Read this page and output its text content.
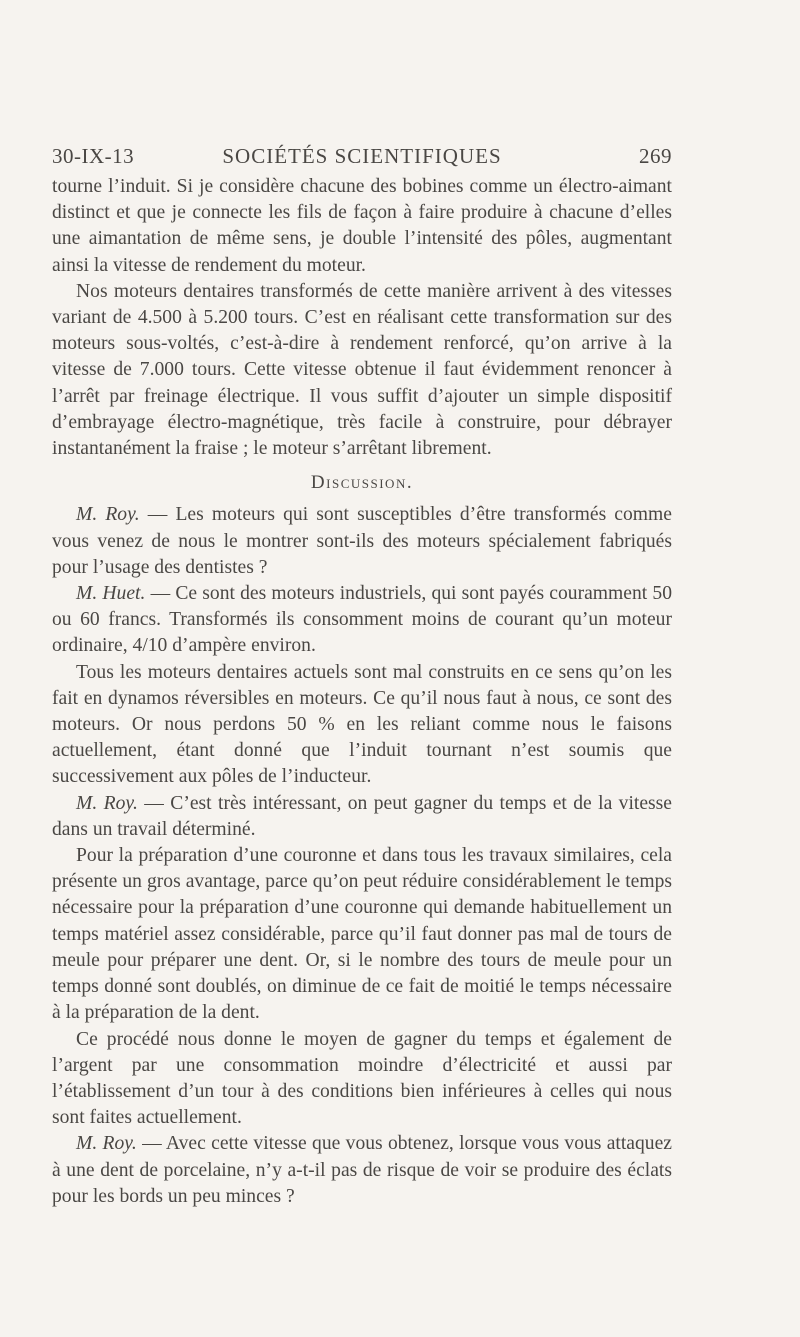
30-IX-13	SOCIÉTÉS SCIENTIFIQUES	269

tourne l’induit. Si je considère chacune des bobines comme un électro-aimant distinct et que je connecte les fils de façon à faire produire à chacune d’elles une aimantation de même sens, je double l’intensité des pôles, augmentant ainsi la vitesse de rendement du moteur.

Nos moteurs dentaires transformés de cette manière arrivent à des vitesses variant de 4.500 à 5.200 tours. C’est en réalisant cette transformation sur des moteurs sous-voltés, c’est-à-dire à rendement renforcé, qu’on arrive à la vitesse de 7.000 tours. Cette vitesse obtenue il faut évidemment renoncer à l’arrêt par freinage électrique. Il vous suffit d’ajouter un simple dispositif d’embrayage électro-magnétique, très facile à construire, pour débrayer instantanément la fraise ; le moteur s’arrêtant librement.

Discussion.

M. Roy. — Les moteurs qui sont susceptibles d’être transformés comme vous venez de nous le montrer sont-ils des moteurs spécialement fabriqués pour l’usage des dentistes ?

M. Huet. — Ce sont des moteurs industriels, qui sont payés couramment 50 ou 60 francs. Transformés ils consomment moins de courant qu’un moteur ordinaire, 4/10 d’ampère environ.

Tous les moteurs dentaires actuels sont mal construits en ce sens qu’on les fait en dynamos réversibles en moteurs. Ce qu’il nous faut à nous, ce sont des moteurs. Or nous perdons 50 % en les reliant comme nous le faisons actuellement, étant donné que l’induit tournant n’est soumis que successivement aux pôles de l’inducteur.

M. Roy. — C’est très intéressant, on peut gagner du temps et de la vitesse dans un travail déterminé.

Pour la préparation d’une couronne et dans tous les travaux similaires, cela présente un gros avantage, parce qu’on peut réduire considérablement le temps nécessaire pour la préparation d’une couronne qui demande habituellement un temps matériel assez considérable, parce qu’il faut donner pas mal de tours de meule pour préparer une dent. Or, si le nombre des tours de meule pour un temps donné sont doublés, on diminue de ce fait de moitié le temps nécessaire à la préparation de la dent.

Ce procédé nous donne le moyen de gagner du temps et également de l’argent par une consommation moindre d’électricité et aussi par l’établissement d’un tour à des conditions bien inférieures à celles qui nous sont faites actuellement.

M. Roy. — Avec cette vitesse que vous obtenez, lorsque vous vous attaquez à une dent de porcelaine, n’y a-t-il pas de risque de voir se produire des éclats pour les bords un peu minces ?
